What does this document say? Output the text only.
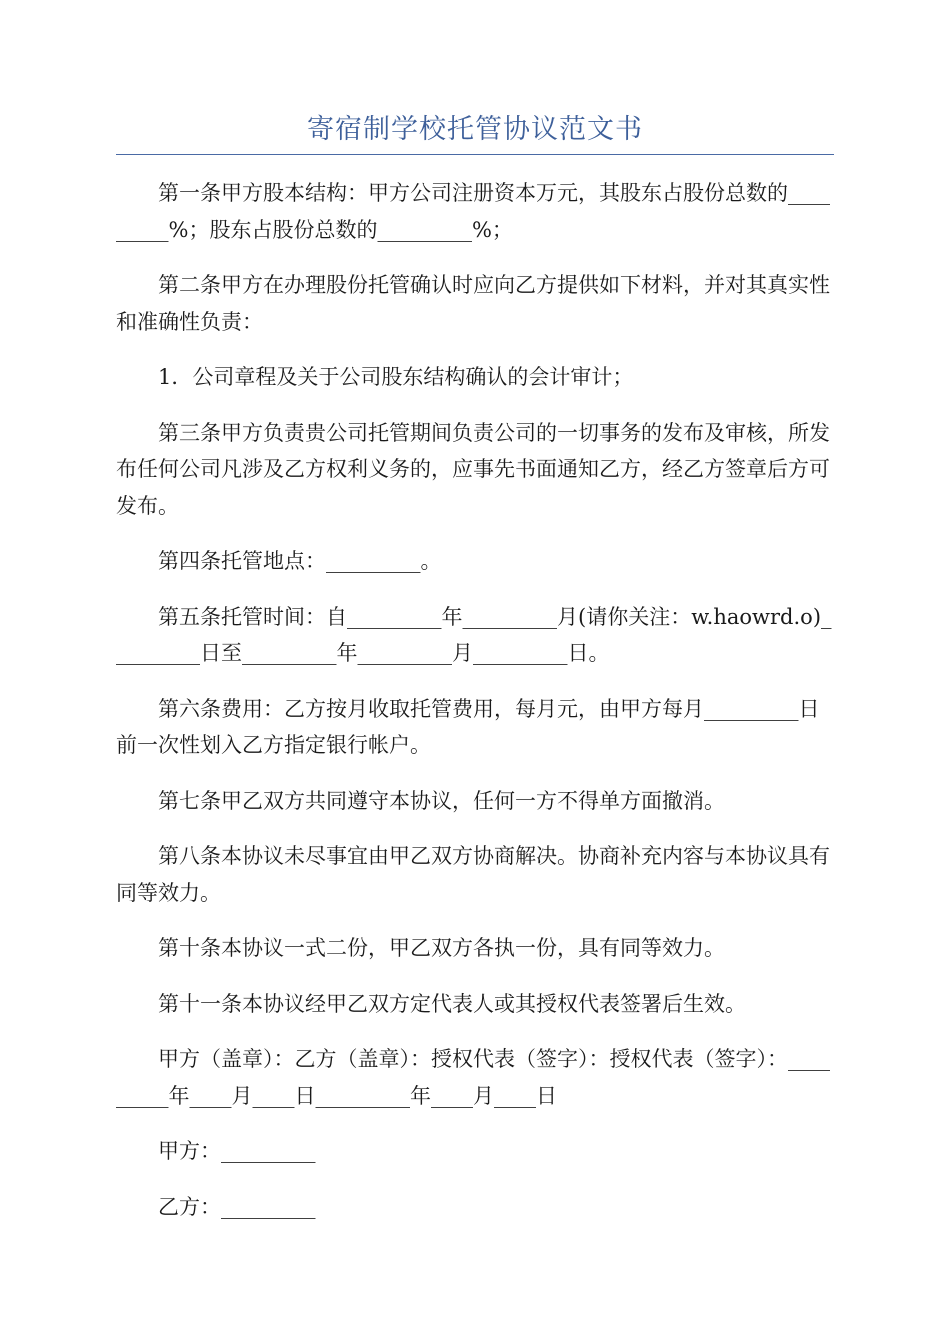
寄宿制学校托管协议范文书

第一条甲方股本结构：甲方公司注册资本万元，其股东占股份总数的_________%；股东占股份总数的_________%；

第二条甲方在办理股份托管确认时应向乙方提供如下材料，并对其真实性和准确性负责：

1．公司章程及关于公司股东结构确认的会计审计；

第三条甲方负责贵公司托管期间负责公司的一切事务的发布及审核，所发布任何公司凡涉及乙方权利义务的，应事先书面通知乙方，经乙方签章后方可发布。

第四条托管地点：_________。

第五条托管时间：自_________年_________月(请你关注：w.haowrd.o)_________日至_________年_________月_________日。

第六条费用：乙方按月收取托管费用，每月元，由甲方每月_________日前一次性划入乙方指定银行帐户。

第七条甲乙双方共同遵守本协议，任何一方不得单方面撤消。

第八条本协议未尽事宜由甲乙双方协商解决。协商补充内容与本协议具有同等效力。

第十条本协议一式二份，甲乙双方各执一份，具有同等效力。

第十一条本协议经甲乙双方定代表人或其授权代表签署后生效。

甲方（盖章）：乙方（盖章）：授权代表（签字）：授权代表（签字）：_________年____月____日_________年____月____日

甲方：_________

乙方：_________
